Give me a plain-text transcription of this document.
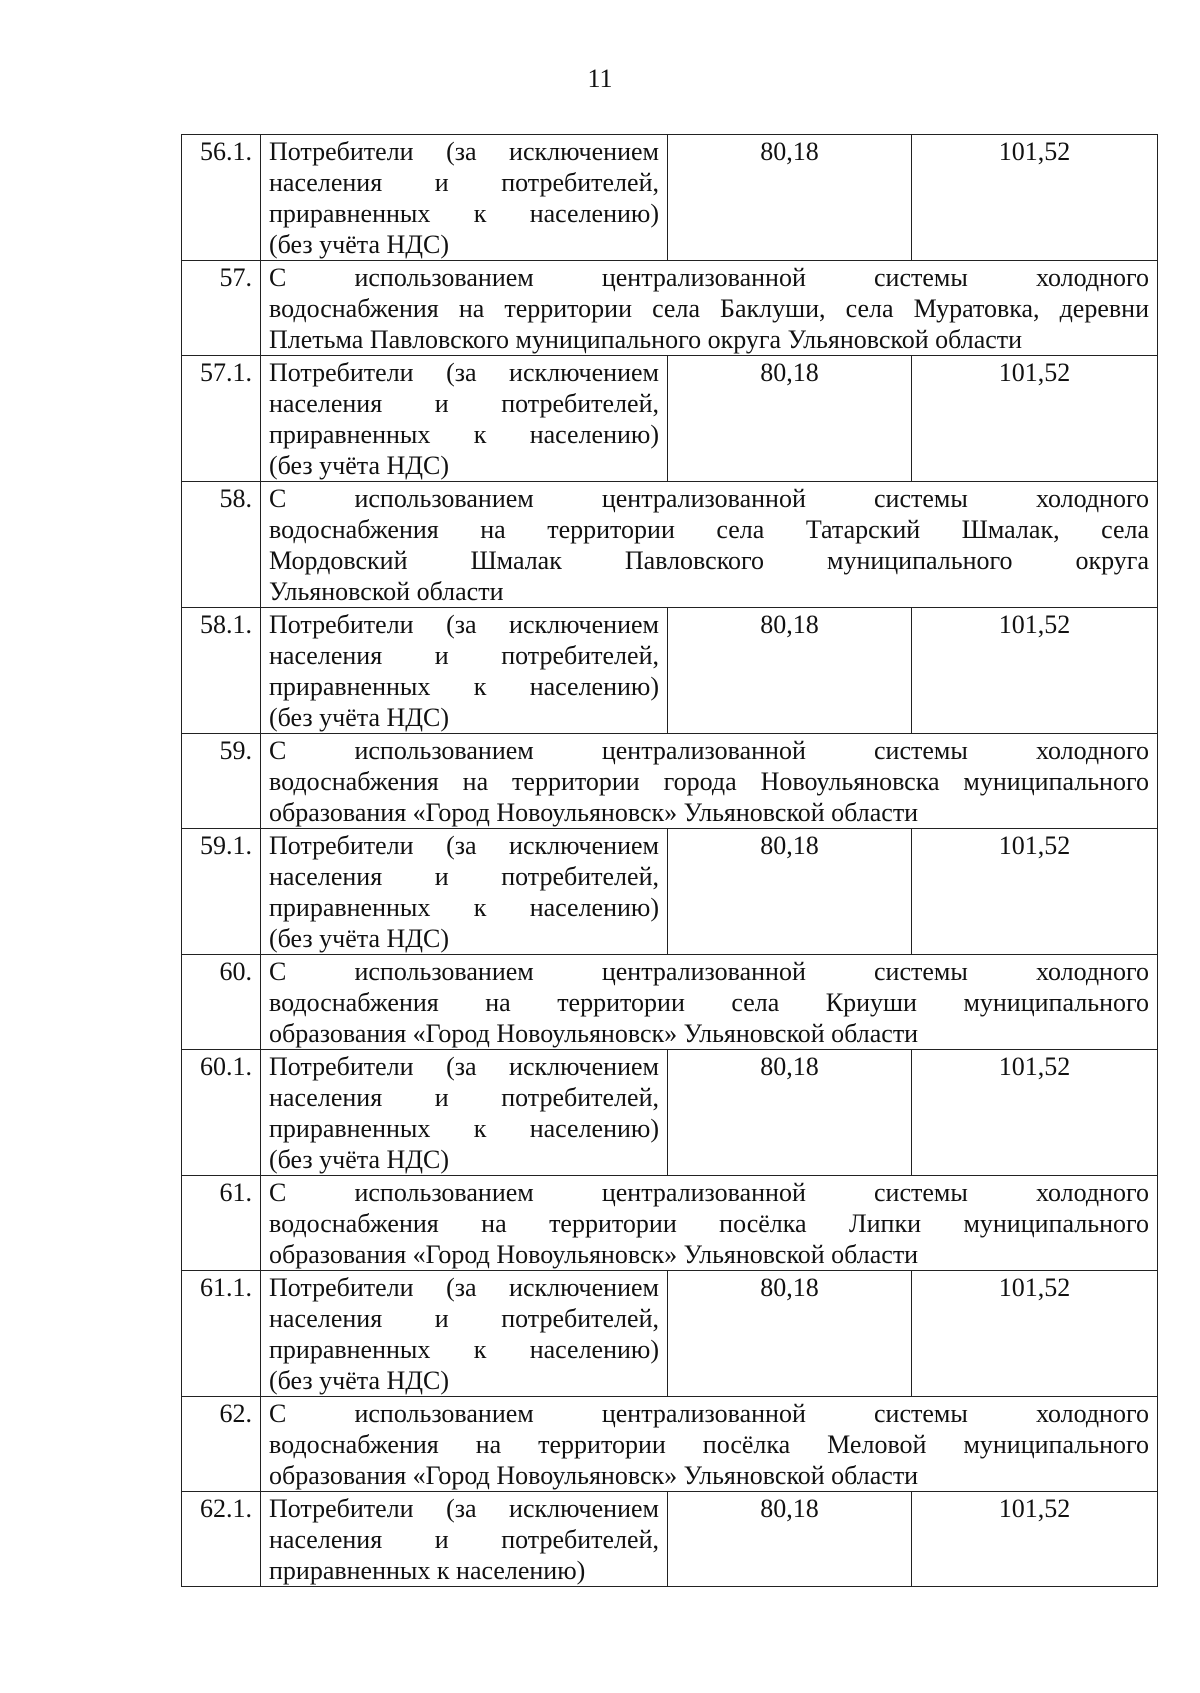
11
56.1.	Потребители (за исключением
населения и потребителей,
приравненных к населению)
(без учёта НДС)	80,18	101,52
57.	С использованием централизованной системы холодного
водоснабжения на территории села Баклуши, села Муратовка, деревни
Плетьма Павловского муниципального округа Ульяновской области		

57.1.	Потребители (за исключением
населения и потребителей,
приравненных к населению)
(без учёта НДС)	80,18	101,52
58.	С использованием централизованной системы холодного
водоснабжения на территории села Татарский Шмалак, села
Мордовский Шмалак Павловского муниципального округа
Ульяновской области		

58.1.	Потребители (за исключением
населения и потребителей,
приравненных к населению)
(без учёта НДС)	80,18	101,52
59.	С использованием централизованной системы холодного
водоснабжения на территории города Новоульяновска муниципального
образования «Город Новоульяновск» Ульяновской области		

59.1.	Потребители (за исключением
населения и потребителей,
приравненных к населению)
(без учёта НДС)	80,18	101,52
60.	С использованием централизованной системы холодного
водоснабжения на территории села Криуши муниципального
образования «Город Новоульяновск» Ульяновской области		

60.1.	Потребители (за исключением
населения и потребителей,
приравненных к населению)
(без учёта НДС)	80,18	101,52
61.	С использованием централизованной системы холодного
водоснабжения на территории посёлка Липки муниципального
образования «Город Новоульяновск» Ульяновской области		

61.1.	Потребители (за исключением
населения и потребителей,
приравненных к населению)
(без учёта НДС)	80,18	101,52
62.	С использованием централизованной системы холодного
водоснабжения на территории посёлка Меловой муниципального
образования «Город Новоульяновск» Ульяновской области		

62.1.	Потребители (за исключением
населения и потребителей,
приравненных к населению)	80,18	101,52
